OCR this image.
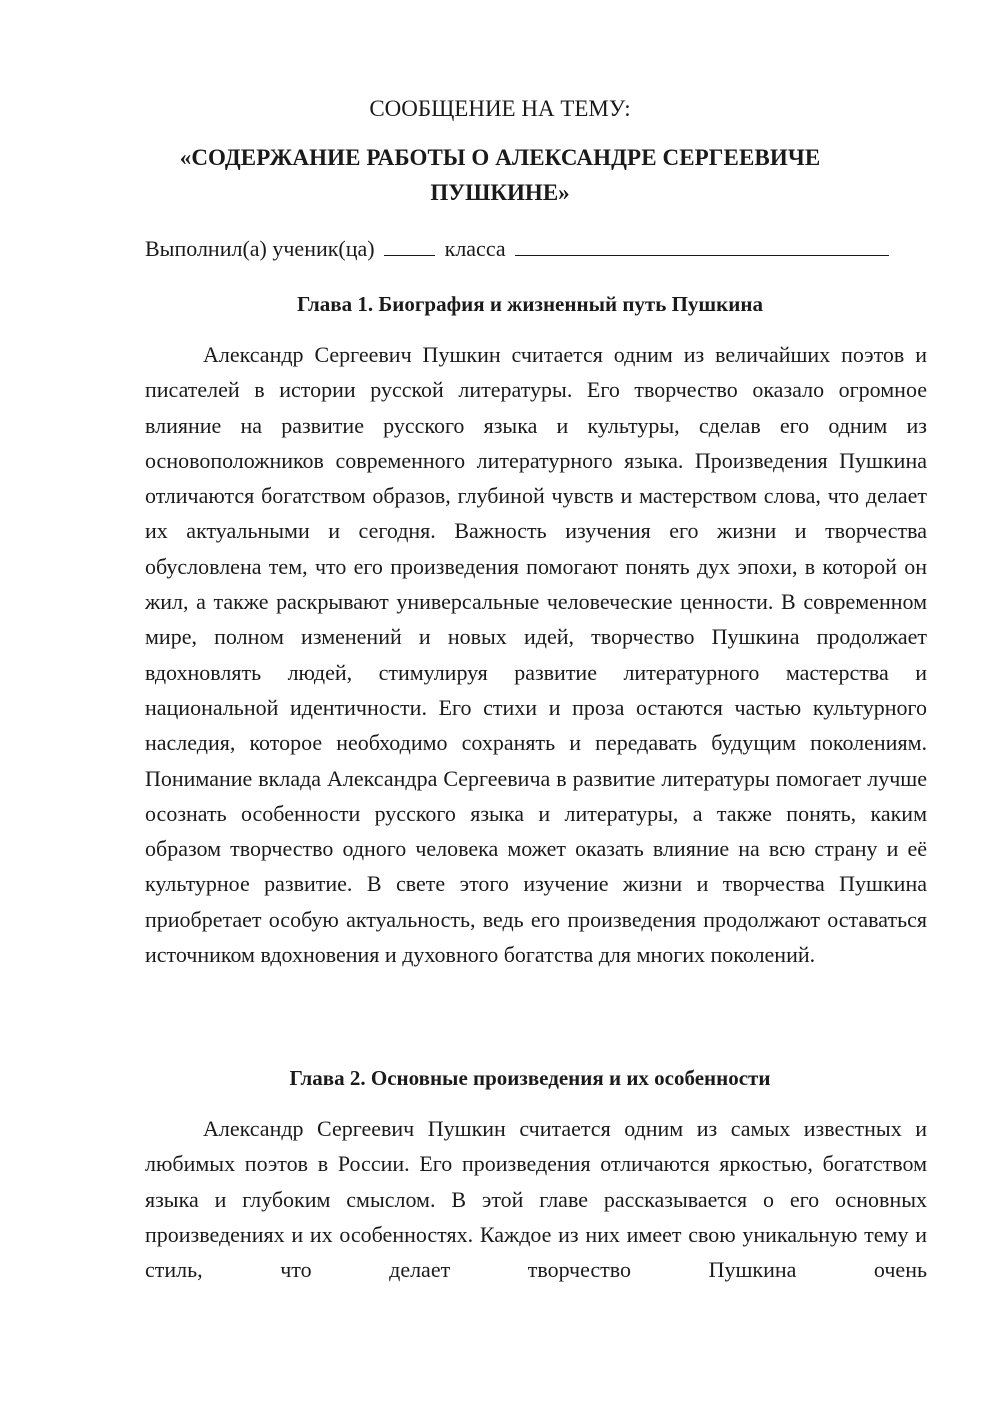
СООБЩЕНИЕ НА ТЕМУ:
«СОДЕРЖАНИЕ РАБОТЫ О АЛЕКСАНДРЕ СЕРГЕЕВИЧЕ
ПУШКИНЕ»
Выполнил(а) ученик(ца)	класса
Глава 1. Биография и жизненный путь Пушкина
Александр Сергеевич Пушкин считается одним из величайших поэтов и писателей в истории русской литературы. Его творчество оказало огромное влияние на развитие русского языка и культуры, сделав его одним из основоположников современного литературного языка. Произведения Пушкина отличаются богатством образов, глубиной чувств и мастерством слова, что делает их актуальными и сегодня. Важность изучения его жизни и творчества обусловлена тем, что его произведения помогают понять дух эпохи, в которой он жил, а также раскрывают универсальные человеческие ценности. В современном мире, полном изменений и новых идей, творчество Пушкина продолжает вдохновлять людей, стимулируя развитие литературного мастерства и национальной идентичности. Его стихи и проза остаются частью культурного наследия, которое необходимо сохранять и передавать будущим поколениям. Понимание вклада Александра Сергеевича в развитие литературы помогает лучше осознать особенности русского языка и литературы, а также понять, каким образом творчество одного человека может оказать влияние на всю страну и её культурное развитие. В свете этого изучение жизни и творчества Пушкина приобретает особую актуальность, ведь его произведения продолжают оставаться источником вдохновения и духовного богатства для многих поколений.
Глава 2. Основные произведения и их особенности
Александр Сергеевич Пушкин считается одним из самых известных и любимых поэтов в России. Его произведения отличаются яркостью, богатством языка и глубоким смыслом. В этой главе рассказывается о его основных произведениях и их особенностях. Каждое из них имеет свою уникальную тему и стиль, что делает творчество Пушкина очень
